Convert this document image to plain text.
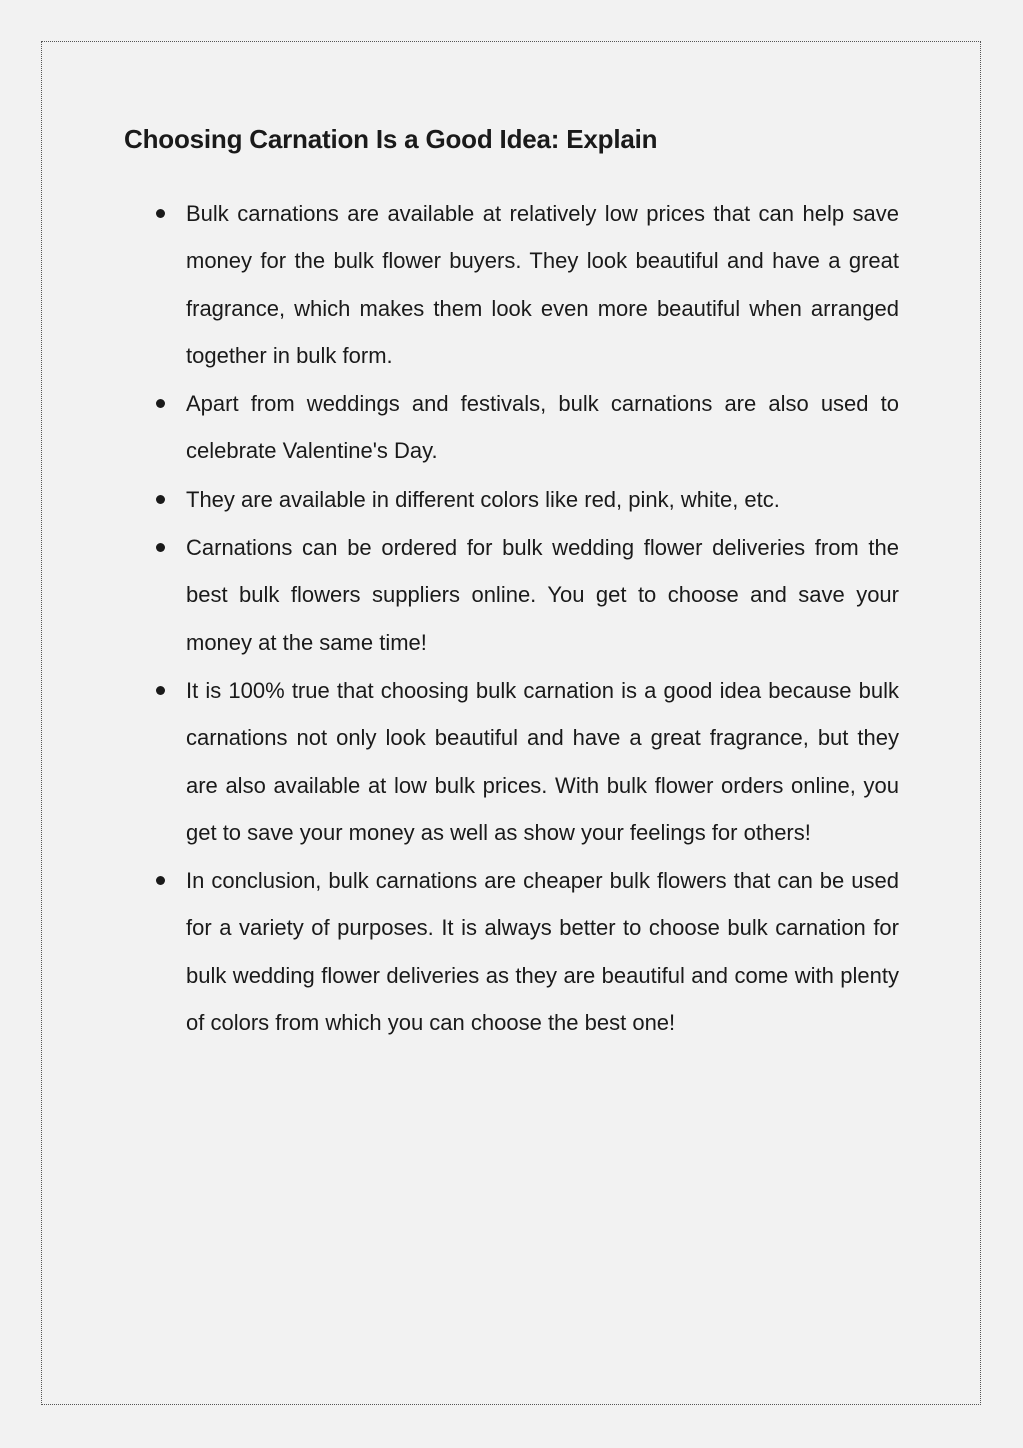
Choosing Carnation Is a Good Idea: Explain
Bulk carnations are available at relatively low prices that can help save money for the bulk flower buyers. They look beautiful and have a great fragrance, which makes them look even more beautiful when arranged together in bulk form.
Apart from weddings and festivals, bulk carnations are also used to celebrate Valentine's Day.
They are available in different colors like red, pink, white, etc.
Carnations can be ordered for bulk wedding flower deliveries from the best bulk flowers suppliers online. You get to choose and save your money at the same time!
It is 100% true that choosing bulk carnation is a good idea because bulk carnations not only look beautiful and have a great fragrance, but they are also available at low bulk prices. With bulk flower orders online, you get to save your money as well as show your feelings for others!
In conclusion, bulk carnations are cheaper bulk flowers that can be used for a variety of purposes. It is always better to choose bulk carnation for bulk wedding flower deliveries as they are beautiful and come with plenty of colors from which you can choose the best one!
